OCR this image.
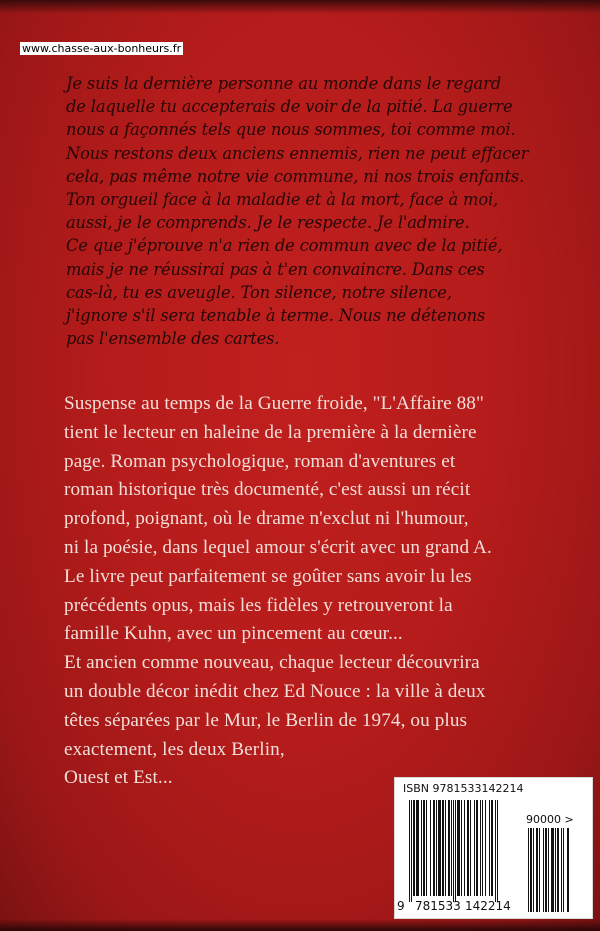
www.chasse-aux-bonheurs.fr

Je suis la dernière personne au monde dans le regard
de laquelle tu accepterais de voir de la pitié. La guerre
nous a façonnés tels que nous sommes, toi comme moi.
Nous restons deux anciens ennemis, rien ne peut effacer
cela, pas même notre vie commune, ni nos trois enfants.
Ton orgueil face à la maladie et à la mort, face à moi,
aussi, je le comprends. Je le respecte. Je l'admire.
Ce que j'éprouve n'a rien de commun avec de la pitié,
mais je ne réussirai pas à t'en convaincre. Dans ces
cas-là, tu es aveugle. Ton silence, notre silence,
j'ignore s'il sera tenable à terme. Nous ne détenons
pas l'ensemble des cartes.

Suspense au temps de la Guerre froide, "L'Affaire 88"
tient le lecteur en haleine de la première à la dernière
page. Roman psychologique, roman d'aventures et
roman historique très documenté, c'est aussi un récit
profond, poignant, où le drame n'exclut ni l'humour,
ni la poésie, dans lequel amour s'écrit avec un grand A.
Le livre peut parfaitement se goûter sans avoir lu les
précédents opus, mais les fidèles y retrouveront la
famille Kuhn, avec un pincement au cœur...
Et ancien comme nouveau, chaque lecteur découvrira
un double décor inédit chez Ed Nouce : la ville à deux
têtes séparées par le Mur, le Berlin de 1974, ou plus
exactement, les deux Berlin,
Ouest et Est...

ISBN 9781533142214

90000 >

9 781533 142214
